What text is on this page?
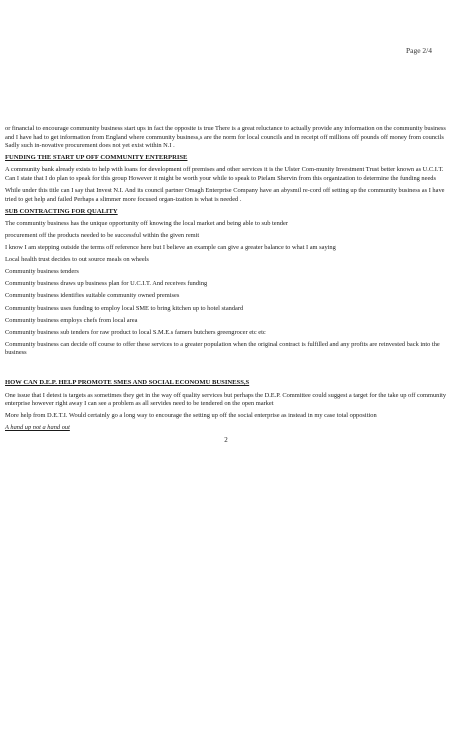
Page 2/4

or financial to encourage community business start ups in fact the opposite is true There is a great reluctance to actually provide any information on the community business and I have had to get information from England where community business,s are the norm for local councils and in receipt off millions off pounds off money from councils Sadly such in-novative procurement does not yet exist within N.I .

FUNDING THE START UP OFF COMMUNITY ENTERPRISE

A community bank already exists to help with loans for development off premises and other services it is the Ulster Com-munity Investment Trust better known as U.C.I.T. Can I state that I do plan to speak for this group However it might be worth your while to speak to Pielam Shervin from this organization to determine the funding needs

While under this title can I say that Invest N.I. And its council partner Omagh Enterprise Company have an abysmil re-cord off setting up the community business as I have tried to get help and failed Perhaps a slimmer more focused organ-ization is what is needed .

SUB CONTRACTING FOR QUALITY

The community business has the unique opportunity off knowing the local market and being able to sub tender

procurement off the products needed to be successful within the given remit

I know I am stepping outside the terms off reference here but I believe an example can give a greater balance to what I am saying

Local health trust decides to out source meals on wheels

Community business tenders

Community business draws up business plan for U.C.I.T. And receives funding

Community business identifies suitable community owned premises

Community business uses funding to employ local SME to bring kitchen up to hotel standard

Community business employs chefs from local area

Community business sub tenders for raw product to local S.M.E.s famers butchers greengrocer etc etc

Community business can decide off course to offer these services to a greater population when the original contract is fulfilled and any profits are reinvested back into the business

HOW CAN D.E.P. HELP PROMOTE SMES AND SOCIAL ECONOMU BUSINESS,S

One issue that I detest is targets as sometimes they get in the way off quality services but perhaps the D.E.P. Committee could suggest a target for the take up off community enterprise however right away I can see a problem as all servides need to be tendered on the open market

More help from D.E.T.I. Would certainly go a long way to encourage the setting up off the social enterprise as instead in my case total opposition

A hand up not a hand out
2
